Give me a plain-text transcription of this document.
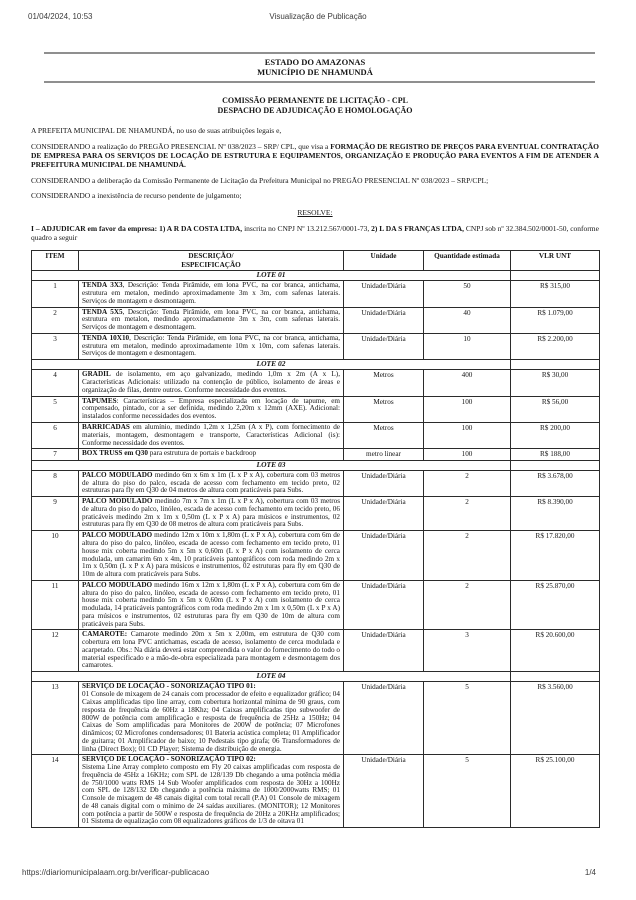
01/04/2024, 10:53	Visualização de Publicação
ESTADO DO AMAZONAS
MUNICÍPIO DE NHAMUNDÁ
COMISSÃO PERMANENTE DE LICITAÇÃO - CPL
DESPACHO DE ADJUDICAÇÃO E HOMOLOGAÇÃO

A PREFEITA MUNICIPAL DE NHAMUNDÁ, no uso de suas atribuições legais e,

CONSIDERANDO a realização do PREGÃO PRESENCIAL Nº 038/2023 – SRP/ CPL, que visa a FORMAÇÃO DE REGISTRO DE PREÇOS PARA EVENTUAL CONTRATAÇÃO DE EMPRESA PARA OS SERVIÇOS DE LOCAÇÃO DE ESTRUTURA E EQUIPAMENTOS, ORGANIZAÇÃO E PRODUÇÃO PARA EVENTOS A FIM DE ATENDER A PREFEITURA MUNICIPAL DE NHAMUNDÁ.

CONSIDERANDO a deliberação da Comissão Permanente de Licitação da Prefeitura Municipal no PREGÃO PRESENCIAL Nº 038/2023 – SRP/CPL;

CONSIDERANDO a inexistência de recurso pendente de julgamento;

RESOLVE:

I – ADJUDICAR em favor da empresa: 1) A R DA COSTA LTDA, inscrita no CNPJ Nº 13.212.567/0001-73, 2) L DA S FRANÇAS LTDA, CNPJ sob nº 32.384.502/0001-50, conforme quadro a seguir

ITEM	DESCRIÇÃO/
ESPECIFICAÇÃO	Unidade	Quantidade estimada	VLR UNT
LOTE 01				
1	TENDA 3X3, Descrição: Tenda Pirâmide, em lona PVC, na cor branca, antichama, estrutura em metalon, medindo aproximadamente 3m x 3m, com safenas laterais. Serviços de montagem e desmontagem.	Unidade/Diária	50	R$ 315,00
2	TENDA 5X5, Descrição: Tenda Pirâmide, em lona PVC, na cor branca, antichama, estrutura em metalon, medindo aproximadamente 3m x 3m, com safenas laterais. Serviços de montagem e desmontagem.	Unidade/Diária	40	R$ 1.079,00
3	TENDA 10X10, Descrição: Tenda Pirâmide, em lona PVC, na cor branca, antichama, estrutura em metalon, medindo aproximadamente 10m x 10m, com safenas laterais. Serviços de montagem e desmontagem.	Unidade/Diária	10	R$ 2.200,00
LOTE 02				
4	GRADIL de isolamento, em aço galvanizado, medindo 1,0m x 2m (A x L), Características Adicionais: utilizado na contenção de público, isolamento de áreas e organização de filas, dentre outros. Conforme necessidade dos eventos.	Metros	400	R$ 30,00
5	TAPUMES: Características – Empresa especializada em locação de tapume, em compensado, pintado, cor a ser definida, medindo 2,20m x 12mm (AXE). Adicional: instalados conforme necessidades dos eventos.	Metros	100	R$ 56,00
6	BARRICADAS em alumínio, medindo 1,2m x 1,25m (A x P), com fornecimento de materiais, montagem, desmontagem e transporte, Características Adicional (is): Conforme necessidade dos eventos.	Metros	100	R$ 200,00
7	BOX TRUSS em Q30 para estrutura de portais e backdroop	metro linear	100	R$ 188,00
LOTE 03				
8	PALCO MODULADO medindo 6m x 6m x 1m (L x P x A), cobertura com 03 metros de altura do piso do palco, escada de acesso com fechamento em tecido preto, 02 estruturas para fly em Q30 de 04 metros de altura com praticáveis para Subs.	Unidade/Diária	2	R$ 3.678,00
9	PALCO MODULADO medindo 7m x 7m x 1m (L x P x A), cobertura com 03 metros de altura do piso do palco, linóleo, escada de acesso com fechamento em tecido preto, 06 praticáveis medindo 2m x 1m x 0,50m (L x P x A) para músicos e instrumentos, 02 estruturas para fly em Q30 de 08 metros de altura com praticáveis para Subs.	Unidade/Diária	2	R$ 8.390,00
10	PALCO MODULADO medindo 12m x 10m x 1,80m (L x P x A), cobertura com 6m de altura do piso do palco, linóleo, escada de acesso com fechamento em tecido preto, 01 house mix coberta medindo 5m x 5m x 0,60m (L x P x A) com isolamento de cerca modulada, um camarim 6m x 4m, 10 praticáveis pantográficos com roda medindo 2m x 1m x 0,50m (L x P x A) para músicos e instrumentos, 02 estruturas para fly em Q30 de 10m de altura com praticáveis para Subs.	Unidade/Diária	2	R$ 17.820,00
11	PALCO MODULADO medindo 16m x 12m x 1,80m (L x P x A), cobertura com 6m de altura do piso do palco, linóleo, escada de acesso com fechamento em tecido preto, 01 house mix coberta medindo 5m x 5m x 0,60m (L x P x A) com isolamento de cerca modulada, 14 praticáveis pantográficos com roda medindo 2m x 1m x 0,50m (L x P x A) para músicos e instrumentos, 02 estruturas para fly em Q30 de 10m de altura com praticáveis para Subs.	Unidade/Diária	2	R$ 25.870,00
12	CAMAROTE: Camarote medindo 20m x 5m x 2,00m, em estrutura de Q30 com cobertura em lona PVC antichamas, escada de acesso, isolamento de cerca modulada e acarpetado. Obs.: Na diária deverá estar compreendida o valor do fornecimento do todo o material especificado e a mão-de-obra especializada para montagem e desmontagem dos camarotes.	Unidade/Diária	3	R$ 20.600,00
LOTE 04				
13	SERVIÇO DE LOCAÇÃO - SONORIZAÇÃO TIPO 01:
01 Console de mixagem de 24 canais com processador de efeito e equalizador gráfico; 04 Caixas amplificadas tipo line array, com cobertura horizontal mínima de 90 graus, com resposta de frequência de 60Hz a 18Khz; 04 Caixas amplificadas tipo subwoofer de 800W de potência com amplificação e resposta de frequência de 25Hz a 150Hz; 04 Caixas de Som amplificadas para Monitores de 200W de potência; 07 Microfones dinâmicos; 02 Microfones condensadores; 01 Bateria acústica completa; 01 Amplificador de guitarra; 01 Amplificador de baixo; 10 Pedestais tipo girafa; 06 Transformadores de linha (Direct Box); 01 CD Player; Sistema de distribuição de energia.	Unidade/Diária	5	R$ 3.560,00
14	SERVIÇO DE LOCAÇÃO - SONORIZAÇÃO TIPO 02:
Sistema Line Array completo composto em Fly 20 caixas amplificadas com resposta de frequência de 45Hz a 16KHz; com SPL de 128/139 Db chegando a uma potência média de 750/1000 watts RMS 14 Sub Woofer amplificados com resposta de 30Hz a 100Hz com SPL de 128/132 Db chegando a potência máxima de 1000/2000watts RMS; 01 Console de mixagem de 48 canais digital com total recall (P.A) 01 Console de mixagem de 48 canais digital com o mínimo de 24 saídas auxiliares. (MONITOR); 12 Monitores com potência a partir de 500W e resposta de frequência de 20Hz a 20KHz amplificados; 01 Sistema de equalização com 08 equalizadores gráficos de 1/3 de oitava 01	Unidade/Diária	5	R$ 25.100,00
https://diariomunicipalaam.org.br/verificar-publicacao	1/4
